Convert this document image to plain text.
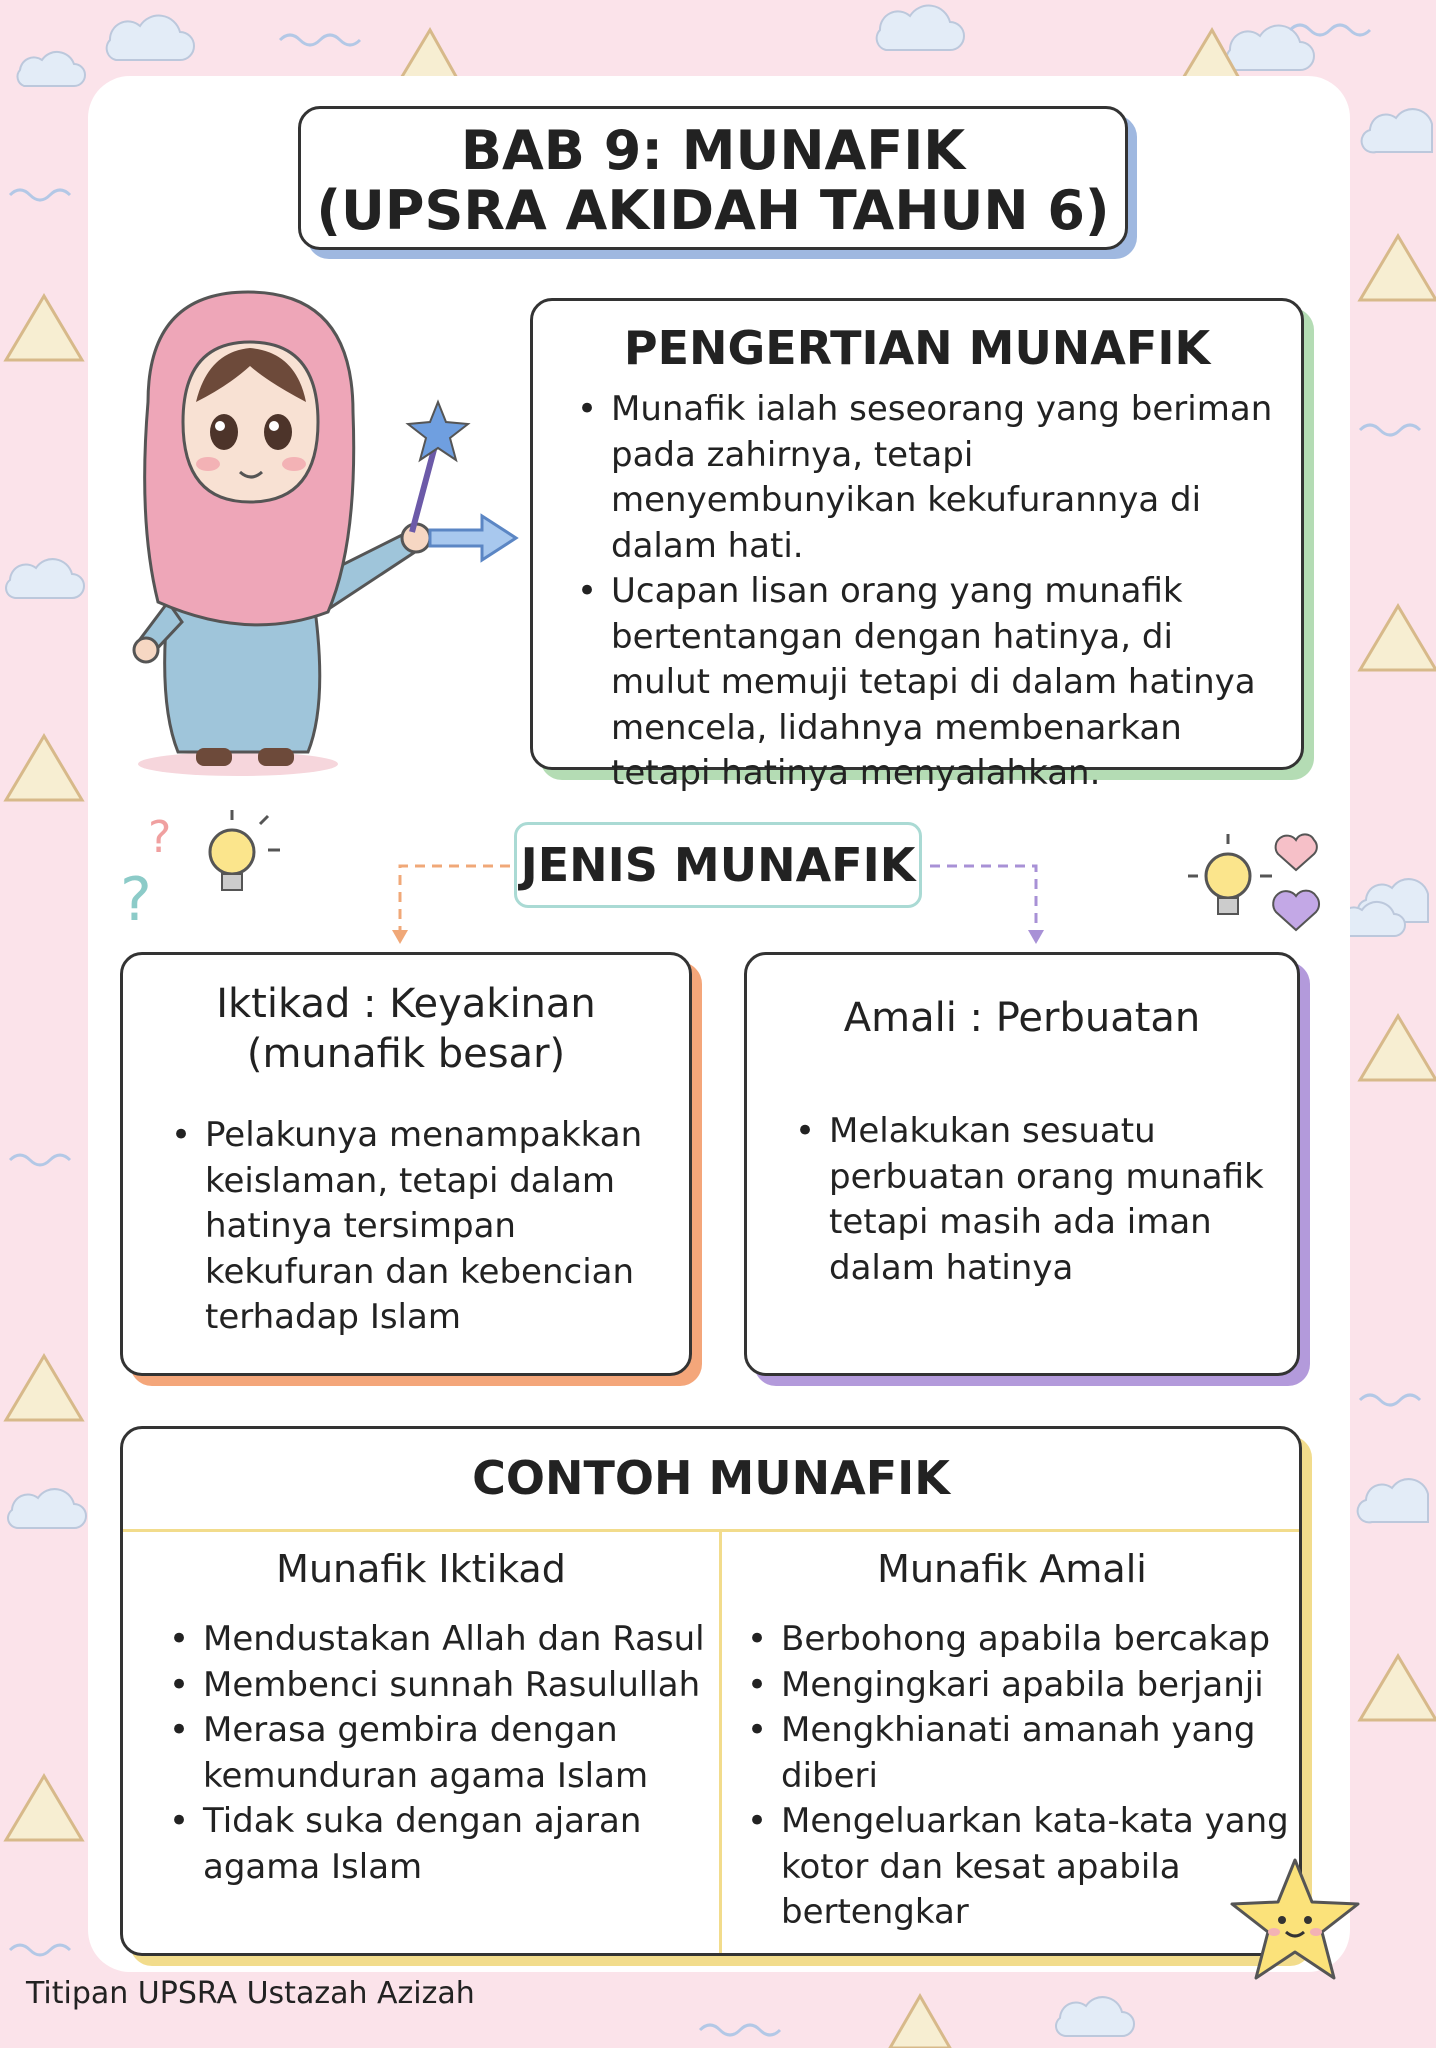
BAB 9: MUNAFIK
(UPSRA AKIDAH TAHUN 6)
PENGERTIAN MUNAFIK
• Munafik ialah seseorang yang beriman pada zahirnya, tetapi menyembunyikan kekufurannya di dalam hati.
• Ucapan lisan orang yang munafik bertentangan dengan hatinya, di mulut memuji tetapi di dalam hatinya mencela, lidahnya membenarkan tetapi hatinya menyalahkan.
?
?	JENIS MUNAFIK
Iktikad : Keyakinan
(munafik besar)
• Pelakunya menampakkan keislaman, tetapi dalam hatinya tersimpan kekufuran dan kebencian terhadap Islam
Amali : Perbuatan
• Melakukan sesuatu perbuatan orang munafik tetapi masih ada iman dalam hatinya
CONTOH MUNAFIK
Munafik Iktikad	Munafik Amali
• Mendustakan Allah dan Rasul
• Membenci sunnah Rasulullah
• Merasa gembira dengan kemunduran agama Islam
• Tidak suka dengan ajaran agama Islam
• Berbohong apabila bercakap
• Mengingkari apabila berjanji
• Mengkhianati amanah yang diberi
• Mengeluarkan kata-kata yang kotor dan kesat apabila bertengkar
Titipan UPSRA Ustazah Azizah
